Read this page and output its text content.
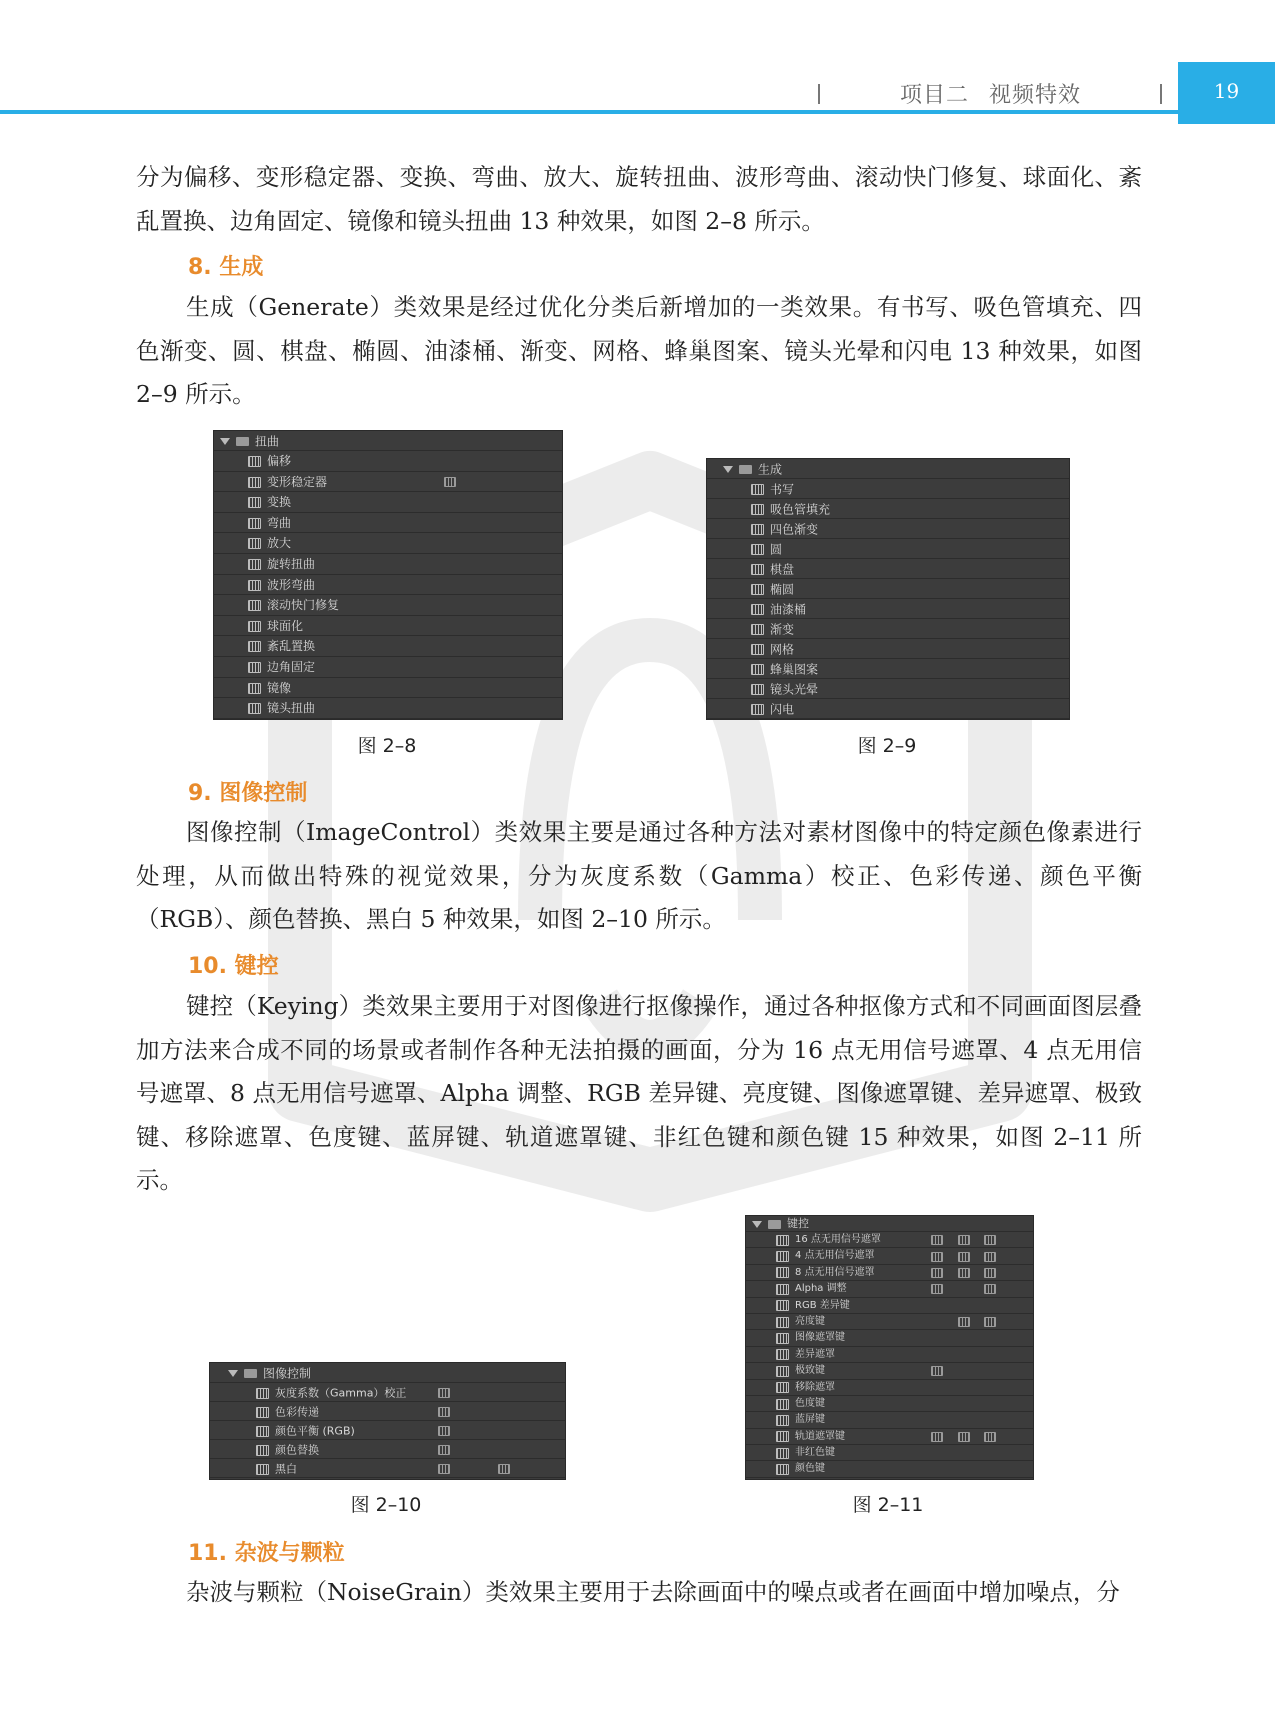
项目二 视频特效	19

分为偏移、变形稳定器、变换、弯曲、放大、旋转扭曲、波形弯曲、滚动快门修复、球面化、紊乱置换、边角固定、镜像和镜头扭曲 13 种效果，如图 2–8 所示。

8. 生成

生成（Generate）类效果是经过优化分类后新增加的一类效果。有书写、吸色管填充、四色渐变、圆、棋盘、椭圆、油漆桶、渐变、网格、蜂巢图案、镜头光晕和闪电 13 种效果，如图 2–9 所示。

扭曲
偏移
变形稳定器
变换
弯曲
放大
旋转扭曲
波形弯曲
滚动快门修复
球面化
紊乱置换
边角固定
镜像
镜头扭曲
图 2–8
生成
书写
吸色管填充
四色渐变
圆
棋盘
椭圆
油漆桶
渐变
网格
蜂巢图案
镜头光晕
闪电
图 2–9

9. 图像控制

图像控制（ImageControl）类效果主要是通过各种方法对素材图像中的特定颜色像素进行处理，从而做出特殊的视觉效果，分为灰度系数（Gamma）校正、色彩传递、颜色平衡（RGB）、颜色替换、黑白 5 种效果，如图 2–10 所示。

10. 键控

键控（Keying）类效果主要用于对图像进行抠像操作，通过各种抠像方式和不同画面图层叠加方法来合成不同的场景或者制作各种无法拍摄的画面，分为 16 点无用信号遮罩、4 点无用信号遮罩、8 点无用信号遮罩、Alpha 调整、RGB 差异键、亮度键、图像遮罩键、差异遮罩、极致键、移除遮罩、色度键、蓝屏键、轨道遮罩键、非红色键和颜色键 15 种效果，如图 2–11 所示。

图像控制
灰度系数（Gamma）校正
色彩传递
颜色平衡 (RGB)
颜色替换
黑白
图 2–10
键控
16 点无用信号遮罩
4 点无用信号遮罩
8 点无用信号遮罩
Alpha 调整
RGB 差异键
亮度键
图像遮罩键
差异遮罩
极致键
移除遮罩
色度键
蓝屏键
轨道遮罩键
非红色键
颜色键
图 2–11

11. 杂波与颗粒

杂波与颗粒（NoiseGrain）类效果主要用于去除画面中的噪点或者在画面中增加噪点，分
